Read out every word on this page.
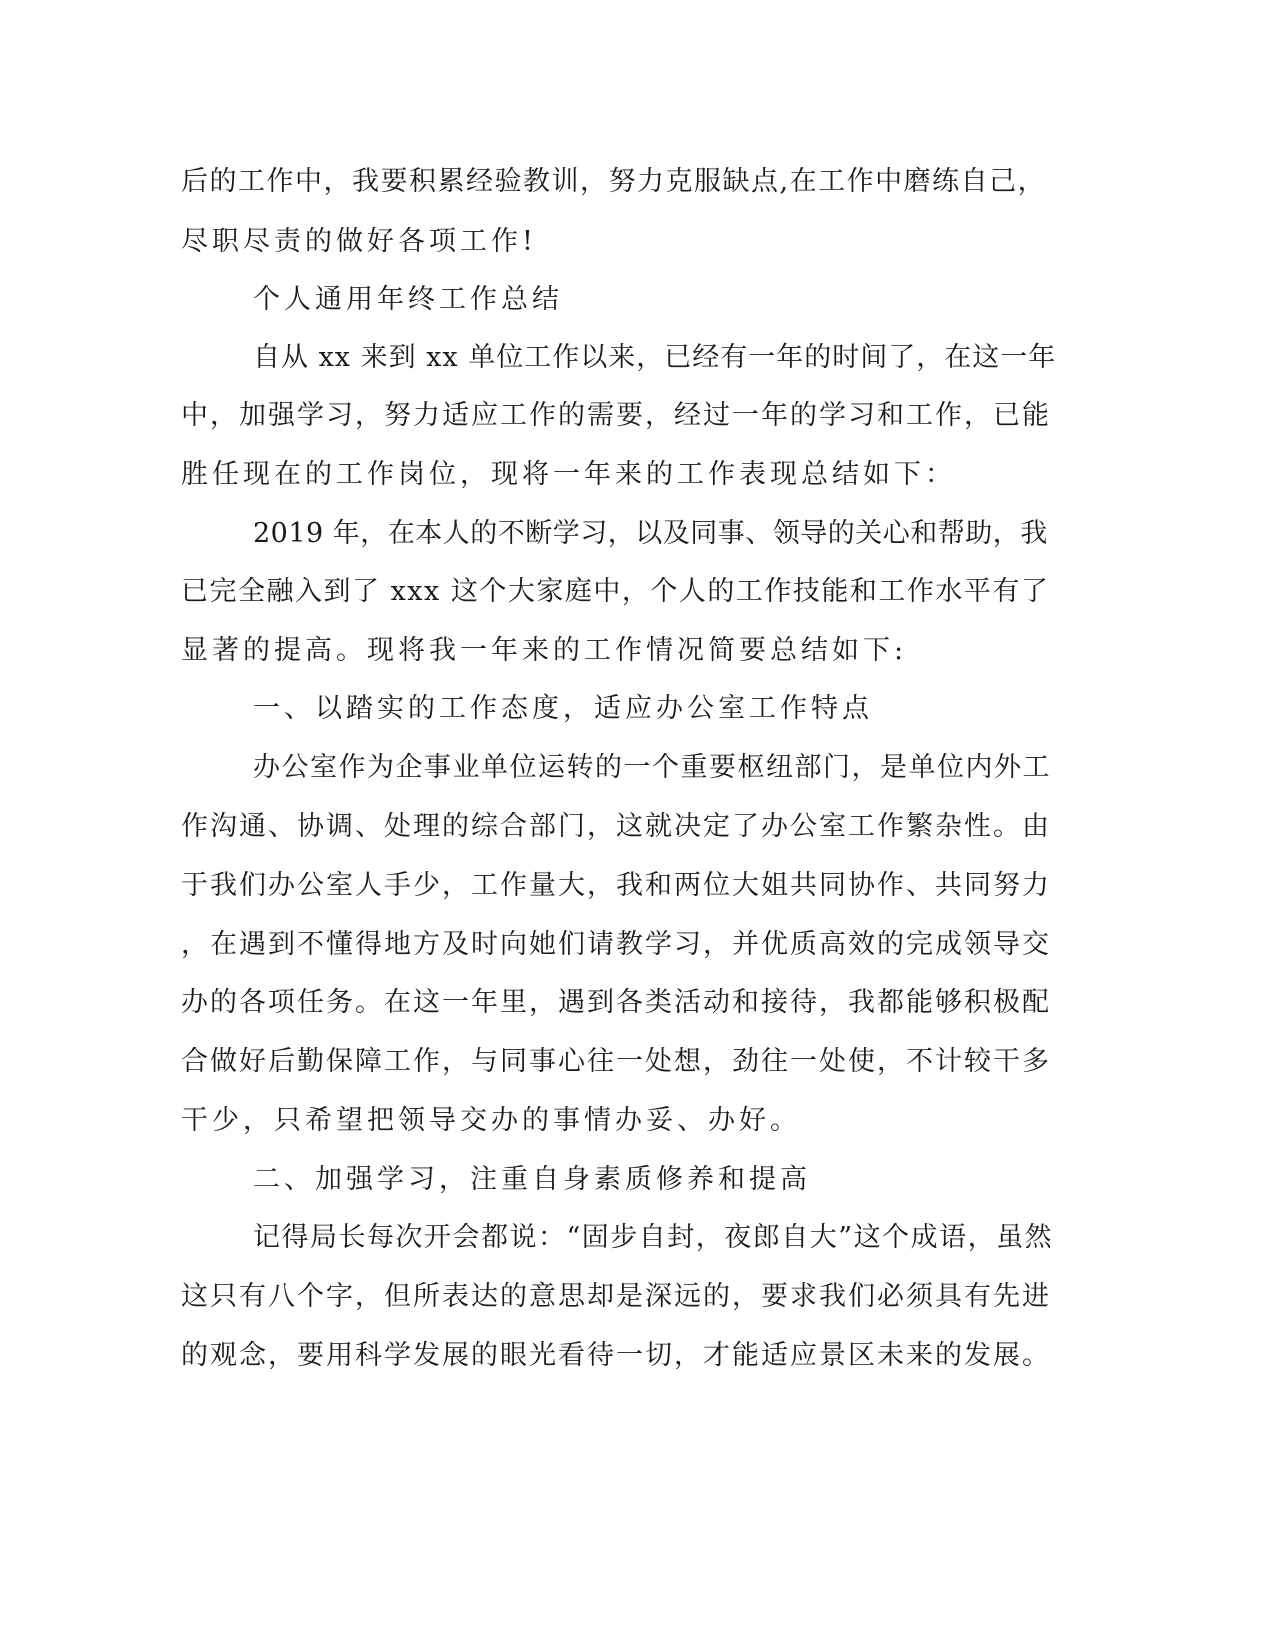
后的工作中，我要积累经验教训，努力克服缺点,在工作中磨练自己，

尽职尽责的做好各项工作!

个人通用年终工作总结

自从 xx 来到 xx 单位工作以来，已经有一年的时间了，在这一年

中，加强学习，努力适应工作的需要，经过一年的学习和工作，已能

胜任现在的工作岗位，现将一年来的工作表现总结如下：

2019 年，在本人的不断学习，以及同事、领导的关心和帮助，我

已完全融入到了 xxx 这个大家庭中，个人的工作技能和工作水平有了

显著的提高。现将我一年来的工作情况简要总结如下:

一、以踏实的工作态度，适应办公室工作特点

办公室作为企事业单位运转的一个重要枢纽部门，是单位内外工

作沟通、协调、处理的综合部门，这就决定了办公室工作繁杂性。由

于我们办公室人手少，工作量大，我和两位大姐共同协作、共同努力

，在遇到不懂得地方及时向她们请教学习，并优质高效的完成领导交

办的各项任务。在这一年里，遇到各类活动和接待，我都能够积极配

合做好后勤保障工作，与同事心往一处想，劲往一处使，不计较干多

干少，只希望把领导交办的事情办妥、办好。

二、加强学习，注重自身素质修养和提高

记得局长每次开会都说：“固步自封，夜郎自大”这个成语，虽然

这只有八个字，但所表达的意思却是深远的，要求我们必须具有先进

的观念，要用科学发展的眼光看待一切，才能适应景区未来的发展。
